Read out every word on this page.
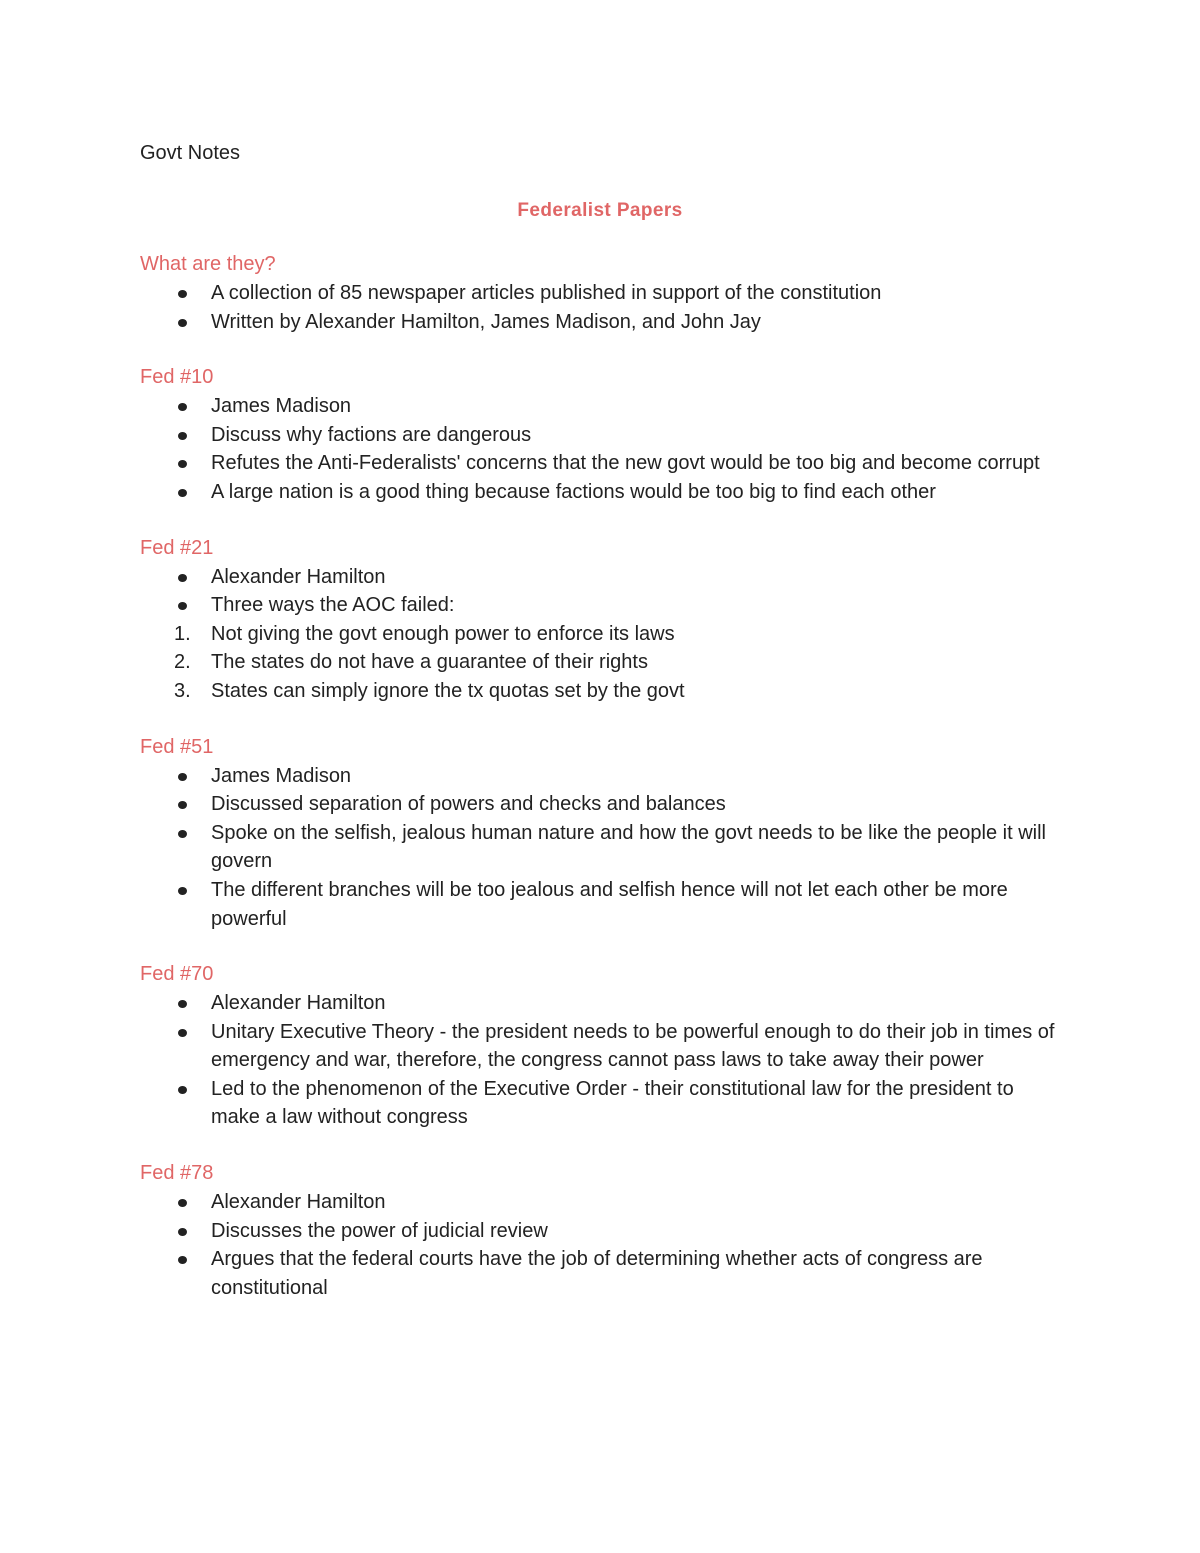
Govt Notes

Federalist Papers
What are they?
A collection of 85 newspaper articles published in support of the constitution
Written by Alexander Hamilton, James Madison, and John Jay
Fed #10
James Madison
Discuss why factions are dangerous
Refutes the Anti-Federalists' concerns that the new govt would be too big and become corrupt
A large nation is a good thing because factions would be too big to find each other
Fed #21
Alexander Hamilton
Three ways the AOC failed:
1.	Not giving the govt enough power to enforce its laws
2.	The states do not have a guarantee of their rights
3.	States can simply ignore the tx quotas set by the govt
Fed #51
James Madison
Discussed separation of powers and checks and balances
Spoke on the selfish, jealous human nature and how the govt needs to be like the people it will govern
The different branches will be too jealous and selfish hence will not let each other be more powerful
Fed #70
Alexander Hamilton
Unitary Executive Theory - the president needs to be powerful enough to do their job in times of emergency and war, therefore, the congress cannot pass laws to take away their power
Led to the phenomenon of the Executive Order - their constitutional law for the president to make a law without congress
Fed #78
Alexander Hamilton
Discusses the power of judicial review
Argues that the federal courts have the job of determining whether acts of congress are constitutional
